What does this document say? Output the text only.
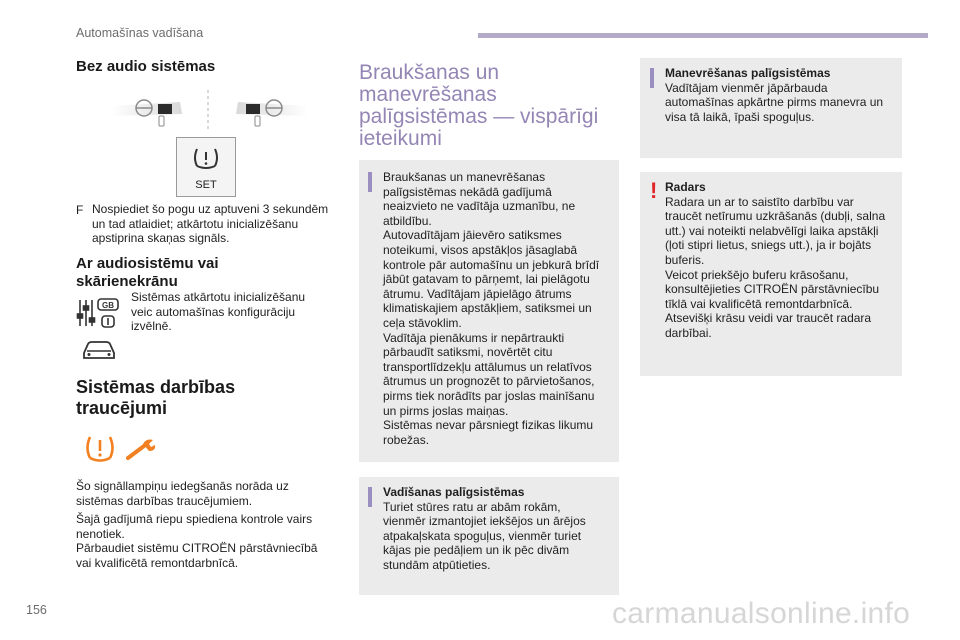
Automašīnas vadīšana
Bez audio sistēmas
SET
F Nospiediet šo pogu uz aptuveni 3 sekundēm
un tad atlaidiet; atkārtotu inicializēšanu
apstiprina skaņas signāls.
Ar audiosistēmu vai
skārienekrānu
GB
Sistēmas atkārtotu inicializēšanu
veic automašīnas konfigurāciju
izvēlnē.
Sistēmas darbības
traucējumi
Šo signāllampiņu iedegšanās norāda uz
sistēmas darbības traucējumiem.
Šajā gadījumā riepu spiediena kontrole vairs
nenotiek.
Pārbaudiet sistēmu CITROËN pārstāvniecībā
vai kvalificētā remontdarbnīcā.
Braukšanas un
manevrēšanas
palīgsistēmas — vispārīgi
ieteikumi
Braukšanas un manevrēšanas
palīgsistēmas nekādā gadījumā
neaizvieto ne vadītāja uzmanību, ne
atbildību.
Autovadītājam jāievēro satiksmes
noteikumi, visos apstākļos jāsaglabā
kontrole pār automašīnu un jebkurā brīdī
jābūt gatavam to pārņemt, lai pielāgotu
ātrumu. Vadītājam jāpielāgo ātrums
klimatiskajiem apstākļiem, satiksmei un
ceļa stāvoklim.
Vadītāja pienākums ir nepārtraukti
pārbaudīt satiksmi, novērtēt citu
transportlīdzekļu attālumus un relatīvos
ātrumus un prognozēt to pārvietošanos,
pirms tiek norādīts par joslas mainīšanu
un pirms joslas maiņas.
Sistēmas nevar pārsniegt fizikas likumu
robežas.
Vadīšanas palīgsistēmas
Turiet stūres ratu ar abām rokām,
vienmēr izmantojiet iekšējos un ārējos
atpakaļskata spoguļus, vienmēr turiet
kājas pie pedāļiem un ik pēc divām
stundām atpūtieties.
Manevrēšanas palīgsistēmas
Vadītājam vienmēr jāpārbauda
automašīnas apkārtne pirms manevra un
visa tā laikā, īpaši spoguļus.
! Radars
Radara un ar to saistīto darbību var
traucēt netīrumu uzkrāšanās (dubļi, salna
utt.) vai noteikti nelabvēlīgi laika apstākļi
(ļoti stipri lietus, sniegs utt.), ja ir bojāts
buferis.
Veicot priekšējo buferu krāsošanu,
konsultējieties CITROËN pārstāvniecību
tīklā vai kvalificētā remontdarbnīcā.
Atsevišķi krāsu veidi var traucēt radara
darbībai.
156	carmanualsonline.info
